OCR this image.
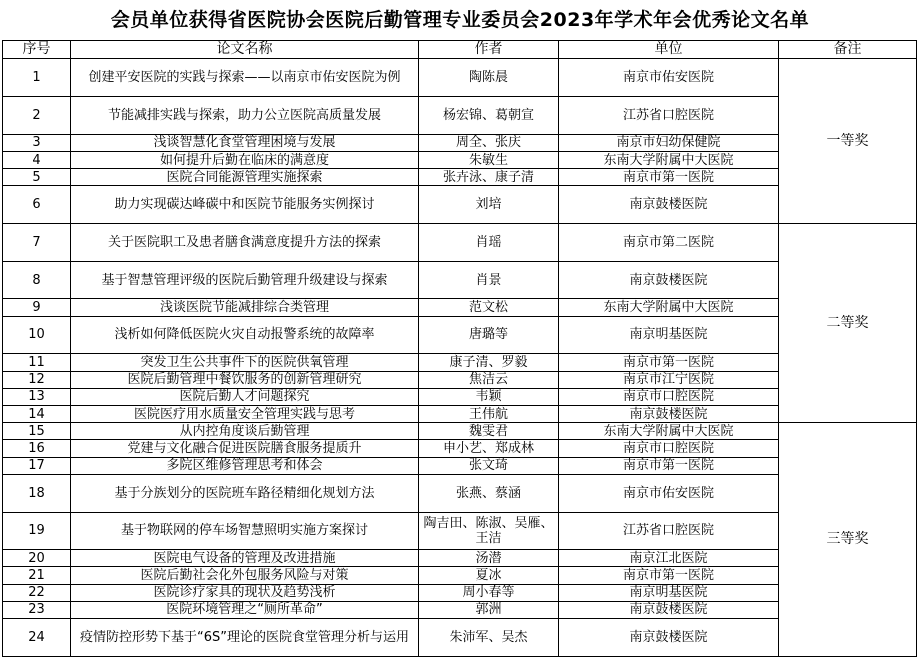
会员单位获得省医院协会医院后勤管理专业委员会2023年学术年会优秀论文名单
序号	论文名称	作者	单位	备注
1	创建平安医院的实践与探索——以南京市佑安医院为例	陶陈晨	南京市佑安医院	一等奖
2	节能减排实践与探索，助力公立医院高质量发展	杨宏锦、葛朝宣	江苏省口腔医院	
3	浅谈智慧化食堂管理困境与发展	周全、张庆	南京市妇幼保健院	
4	如何提升后勤在临床的满意度	朱敏生	东南大学附属中大医院	
5	医院合同能源管理实施探索	张卉泳、康子清	南京市第一医院	
6	助力实现碳达峰碳中和医院节能服务实例探讨	刘培	南京鼓楼医院	
7	关于医院职工及患者膳食满意度提升方法的探索	肖瑶	南京市第二医院	二等奖
8	基于智慧管理评级的医院后勤管理升级建设与探索	肖景	南京鼓楼医院	
9	浅谈医院节能减排综合类管理	范文松	东南大学附属中大医院	
10	浅析如何降低医院火灾自动报警系统的故障率	唐璐等	南京明基医院	
11	突发卫生公共事件下的医院供氧管理	康子清、罗毅	南京市第一医院	
12	医院后勤管理中餐饮服务的创新管理研究	焦洁云	南京市江宁医院	
13	医院后勤人才问题探究	韦颖	南京市口腔医院	
14	医院医疗用水质量安全管理实践与思考	王伟航	南京鼓楼医院	
15	从内控角度谈后勤管理	魏雯君	东南大学附属中大医院	三等奖
16	党建与文化融合促进医院膳食服务提质升	申小艺、郑成林	南京市口腔医院	
17	多院区维修管理思考和体会	张文琦	南京市第一医院	
18	基于分族划分的医院班车路径精细化规划方法	张燕、蔡涵	南京市佑安医院	
19	基于物联网的停车场智慧照明实施方案探讨	陶吉田、陈淑、吴雁、王洁	江苏省口腔医院	
20	医院电气设备的管理及改进措施	汤潜	南京江北医院	
21	医院后勤社会化外包服务风险与对策	夏冰	南京市第一医院	
22	医院诊疗家具的现状及趋势浅析	周小春等	南京明基医院	
23	医院环境管理之“厕所革命”	郭洲	南京鼓楼医院	
24	疫情防控形势下基于“6S”理论的医院食堂管理分析与运用	朱沛军、吴杰	南京鼓楼医院	
